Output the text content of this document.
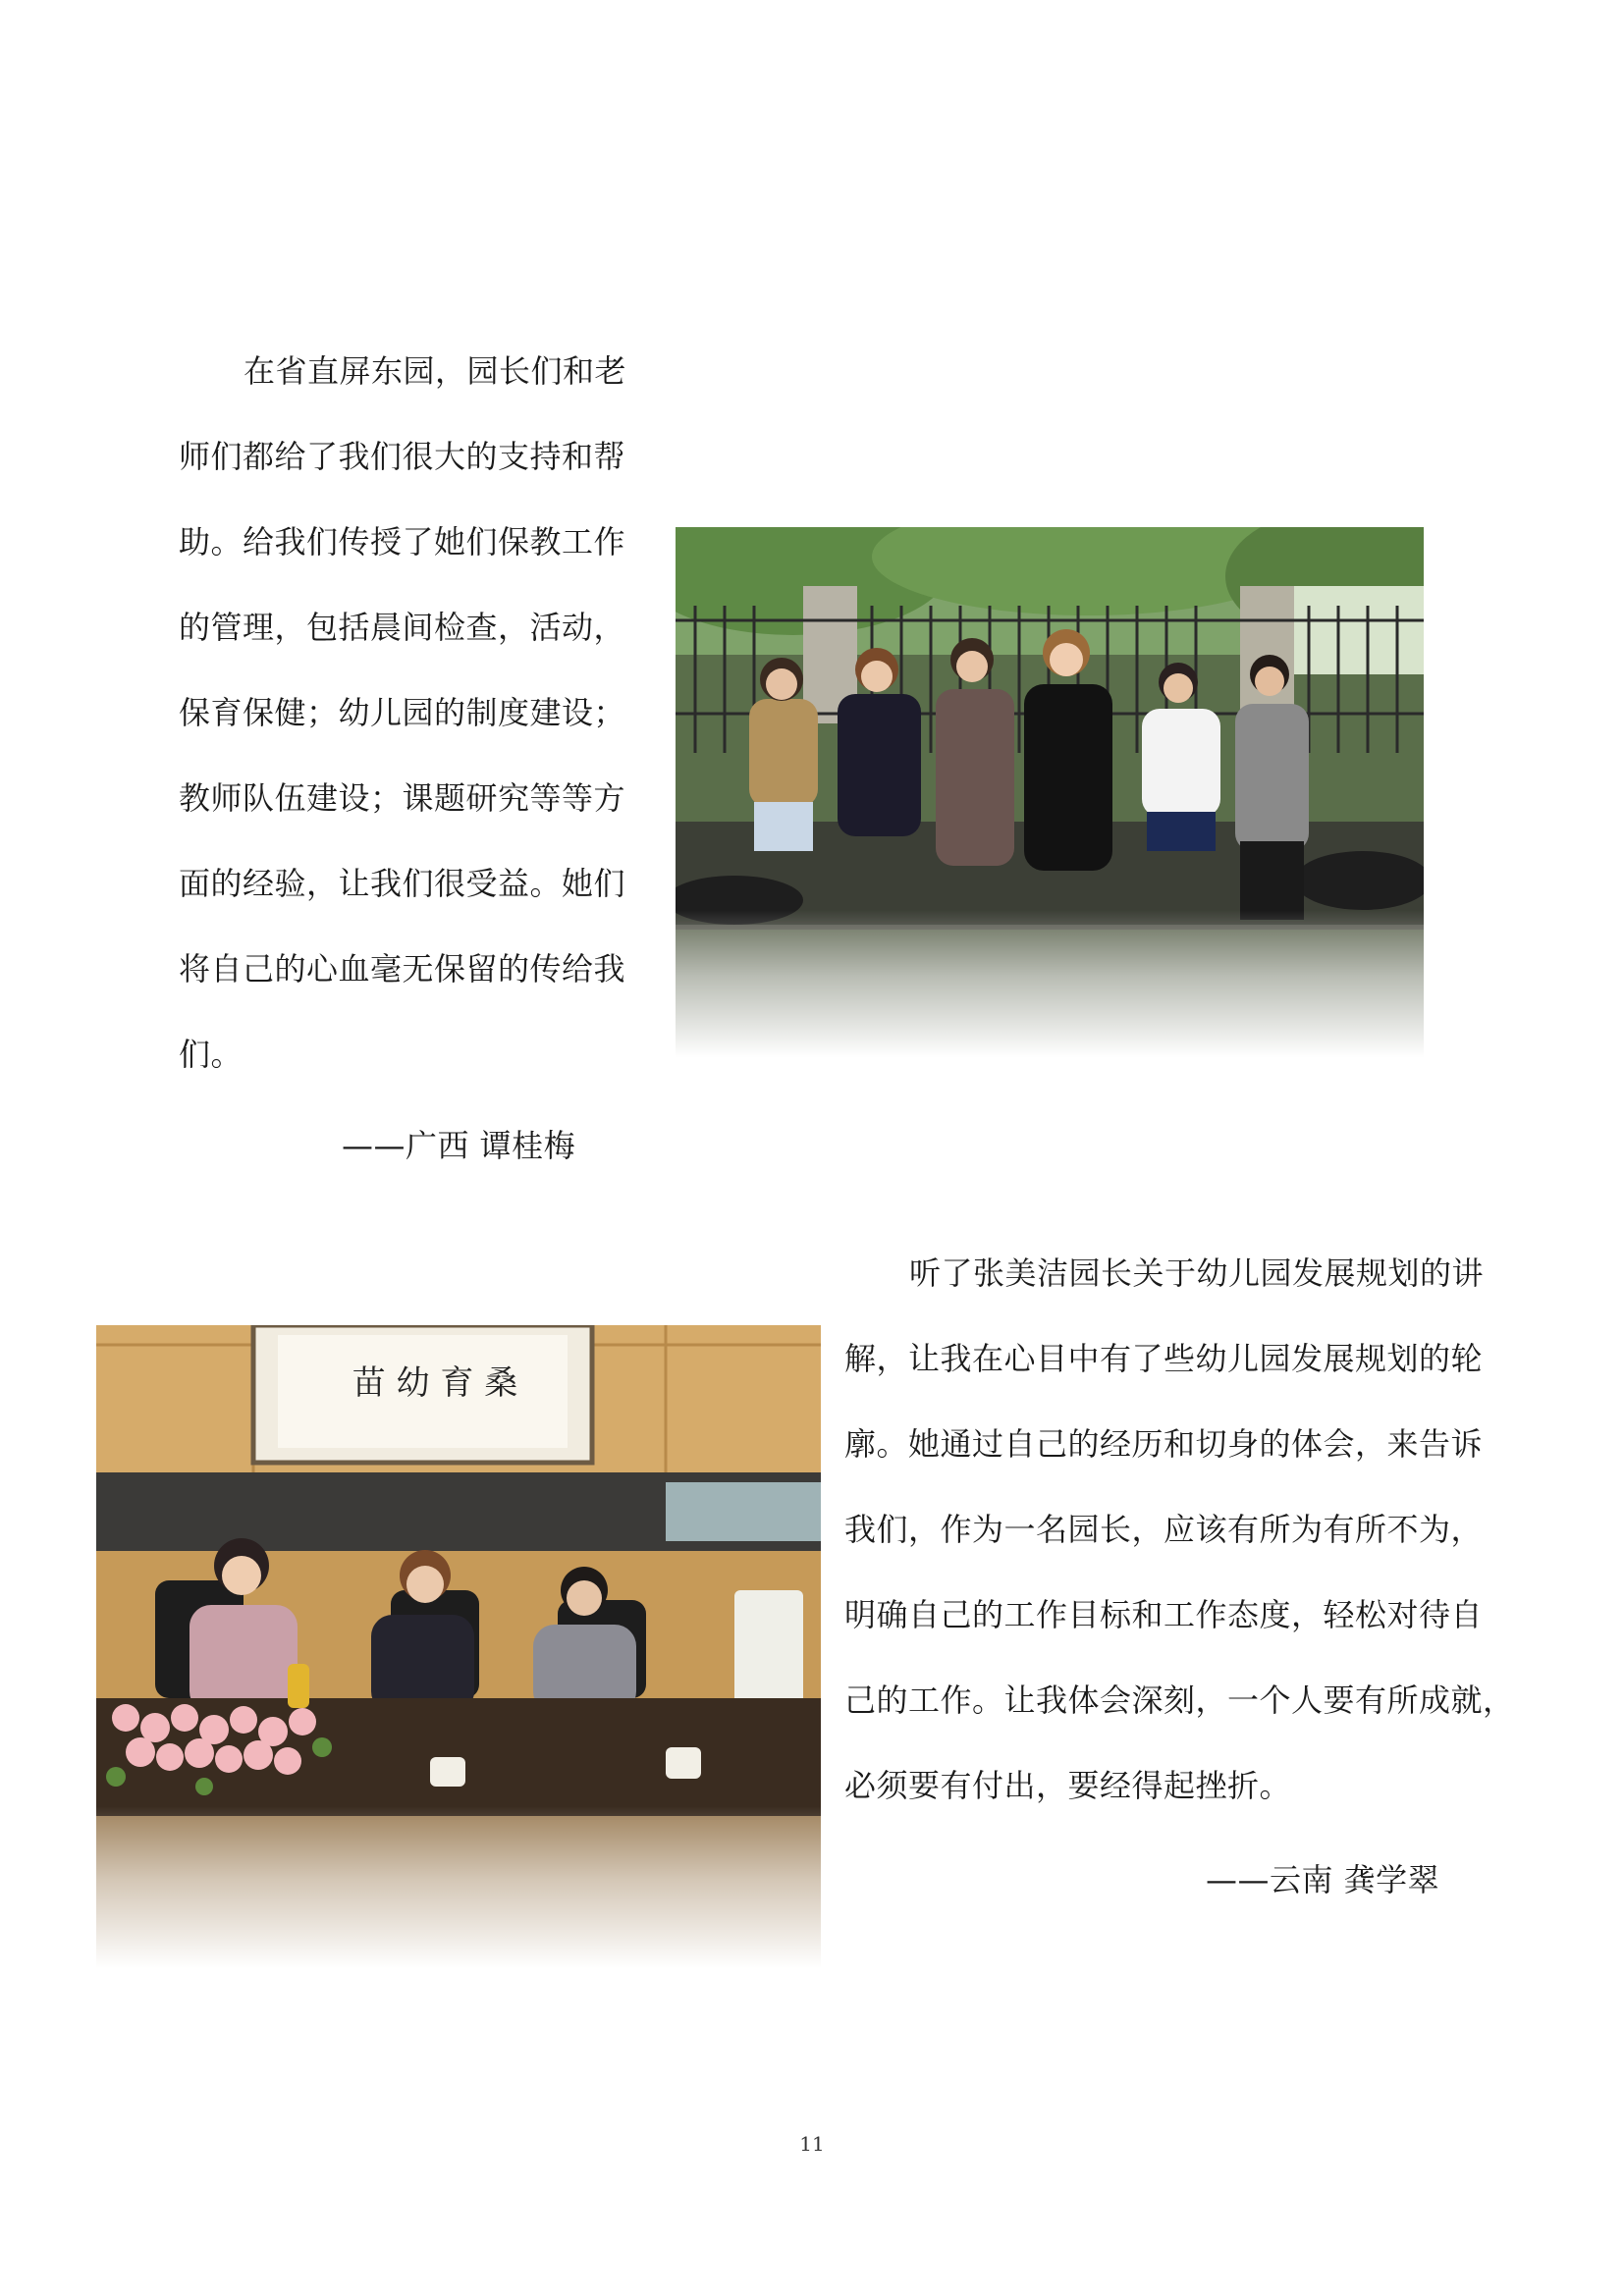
在省直屏东园，园长们和老
师们都给了我们很大的支持和帮
助。给我们传授了她们保教工作
的管理，包括晨间检查，活动，
保育保健；幼儿园的制度建设；
教师队伍建设；课题研究等等方
面的经验，让我们很受益。她们
将自己的心血毫无保留的传给我
们。

——广西 谭桂梅

听了张美洁园长关于幼儿园发展规划的讲
解，让我在心目中有了些幼儿园发展规划的轮
廓。她通过自己的经历和切身的体会，来告诉
我们，作为一名园长，应该有所为有所不为，
明确自己的工作目标和工作态度，轻松对待自
己的工作。让我体会深刻，一个人要有所成就，
必须要有付出，要经得起挫折。

——云南 龚学翠
苗 幼 育 桑
11
